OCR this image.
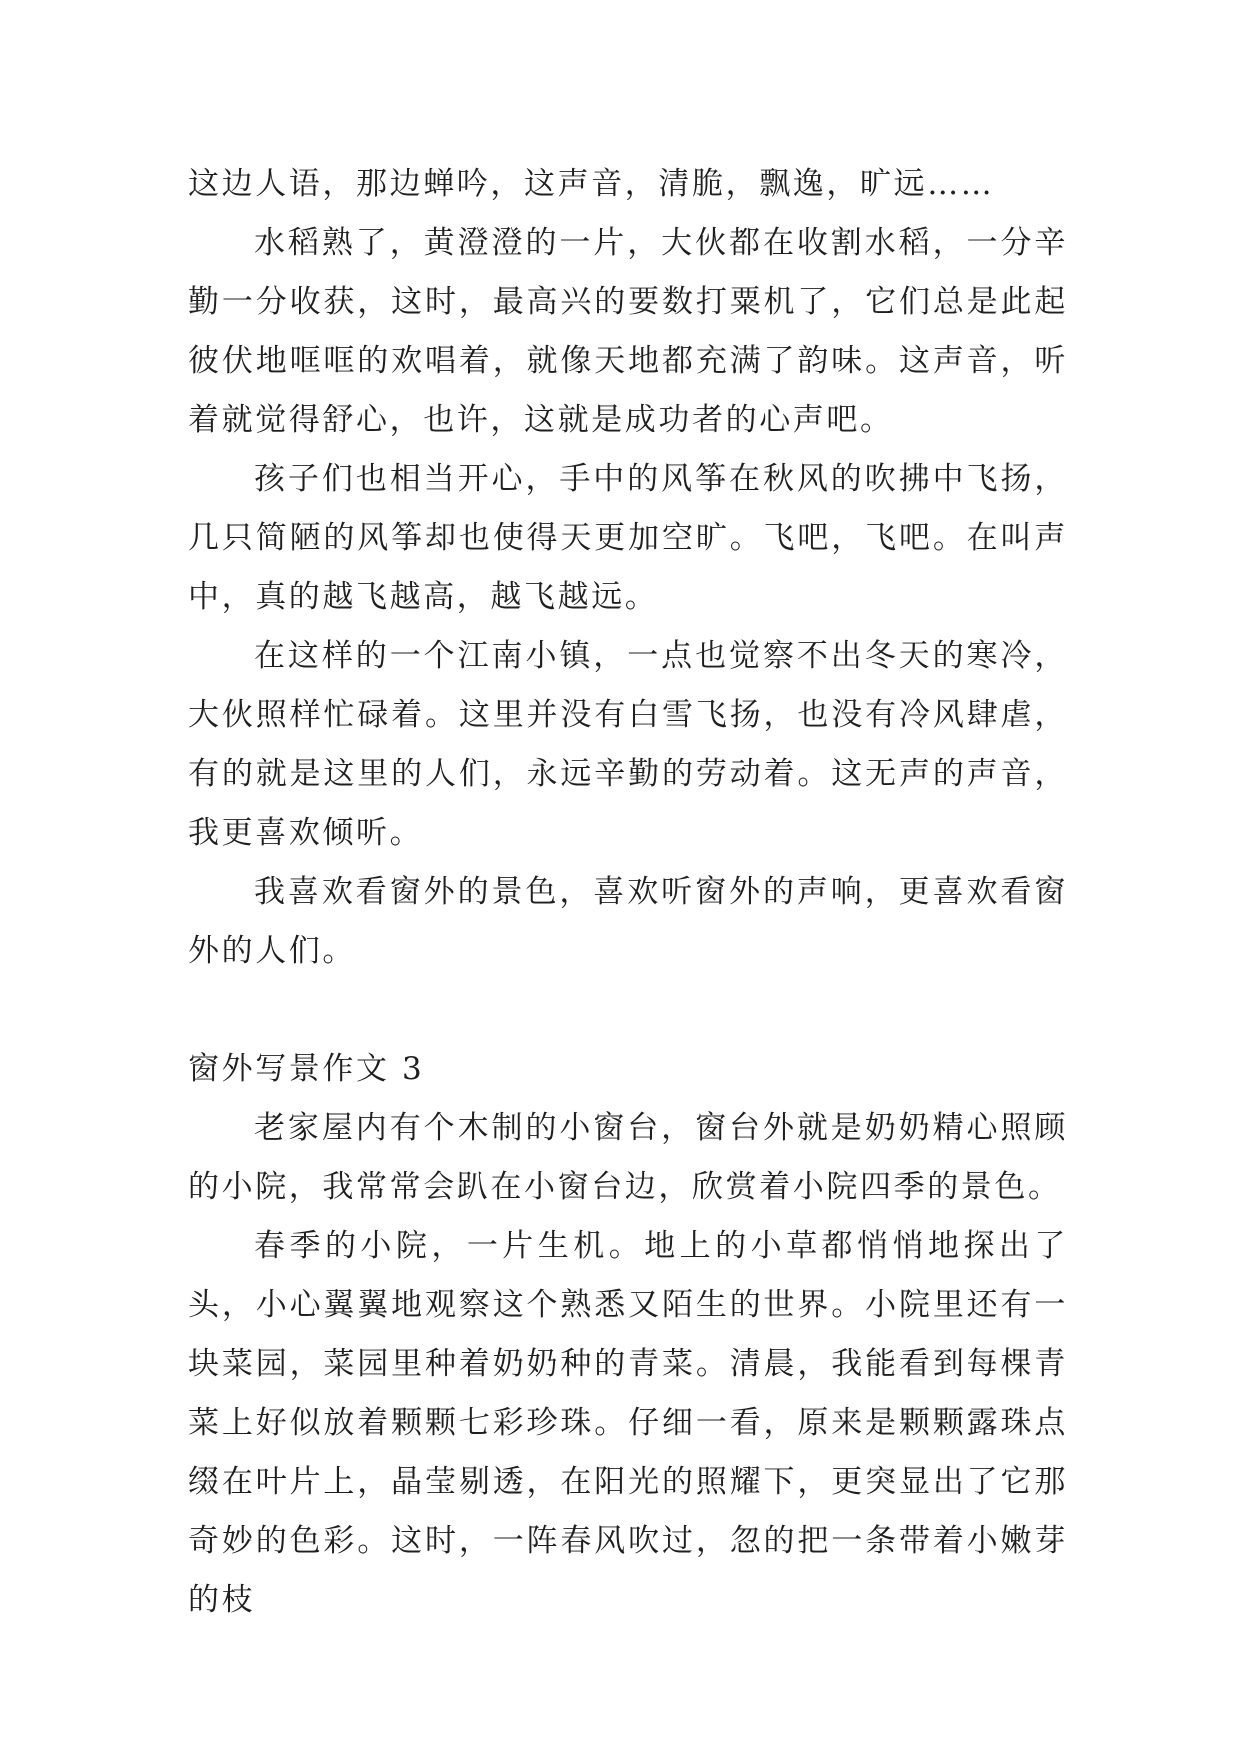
这边人语，那边蝉吟，这声音，清脆，飘逸，旷远……

水稻熟了，黄澄澄的一片，大伙都在收割水稻，一分辛勤一分收获，这时，最高兴的要数打粟机了，它们总是此起彼伏地哐哐的欢唱着，就像天地都充满了韵味。这声音，听着就觉得舒心，也许，这就是成功者的心声吧。

孩子们也相当开心，手中的风筝在秋风的吹拂中飞扬，几只简陋的风筝却也使得天更加空旷。飞吧，飞吧。在叫声中，真的越飞越高，越飞越远。

在这样的一个江南小镇，一点也觉察不出冬天的寒冷，大伙照样忙碌着。这里并没有白雪飞扬，也没有冷风肆虐，有的就是这里的人们，永远辛勤的劳动着。这无声的声音，我更喜欢倾听。

我喜欢看窗外的景色，喜欢听窗外的声响，更喜欢看窗外的人们。

窗外写景作文 3

老家屋内有个木制的小窗台，窗台外就是奶奶精心照顾的小院，我常常会趴在小窗台边，欣赏着小院四季的景色。

春季的小院，一片生机。地上的小草都悄悄地探出了头，小心翼翼地观察这个熟悉又陌生的世界。小院里还有一块菜园，菜园里种着奶奶种的青菜。清晨，我能看到每棵青菜上好似放着颗颗七彩珍珠。仔细一看，原来是颗颗露珠点缀在叶片上，晶莹剔透，在阳光的照耀下，更突显出了它那奇妙的色彩。这时，一阵春风吹过，忽的把一条带着小嫩芽的枝
